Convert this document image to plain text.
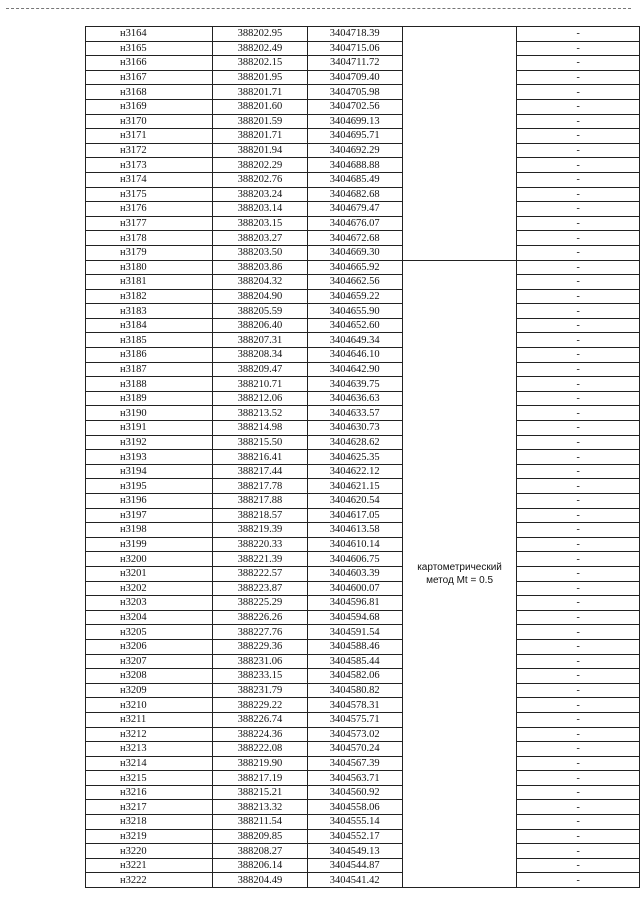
н3164	388202.95	3404718.39		-
н3165	388202.49	3404715.06		-
н3166	388202.15	3404711.72		-
н3167	388201.95	3404709.40		-
н3168	388201.71	3404705.98		-
н3169	388201.60	3404702.56		-
н3170	388201.59	3404699.13		-
н3171	388201.71	3404695.71		-
н3172	388201.94	3404692.29		-
н3173	388202.29	3404688.88		-
н3174	388202.76	3404685.49		-
н3175	388203.24	3404682.68		-
н3176	388203.14	3404679.47		-
н3177	388203.15	3404676.07		-
н3178	388203.27	3404672.68		-
н3179	388203.50	3404669.30		-
н3180	388203.86	3404665.92	картометрический метод Mt = 0.5	-
н3181	388204.32	3404662.56		-
н3182	388204.90	3404659.22		-
н3183	388205.59	3404655.90		-
н3184	388206.40	3404652.60		-
н3185	388207.31	3404649.34		-
н3186	388208.34	3404646.10		-
н3187	388209.47	3404642.90		-
н3188	388210.71	3404639.75		-
н3189	388212.06	3404636.63		-
н3190	388213.52	3404633.57		-
н3191	388214.98	3404630.73		-
н3192	388215.50	3404628.62		-
н3193	388216.41	3404625.35		-
н3194	388217.44	3404622.12		-
н3195	388217.78	3404621.15		-
н3196	388217.88	3404620.54		-
н3197	388218.57	3404617.05		-
н3198	388219.39	3404613.58		-
н3199	388220.33	3404610.14		-
н3200	388221.39	3404606.75		-
н3201	388222.57	3404603.39		-
н3202	388223.87	3404600.07		-
н3203	388225.29	3404596.81		-
н3204	388226.26	3404594.68		-
н3205	388227.76	3404591.54		-
н3206	388229.36	3404588.46		-
н3207	388231.06	3404585.44		-
н3208	388233.15	3404582.06		-
н3209	388231.79	3404580.82		-
н3210	388229.22	3404578.31		-
н3211	388226.74	3404575.71		-
н3212	388224.36	3404573.02		-
н3213	388222.08	3404570.24		-
н3214	388219.90	3404567.39		-
н3215	388217.19	3404563.71		-
н3216	388215.21	3404560.92		-
н3217	388213.32	3404558.06		-
н3218	388211.54	3404555.14		-
н3219	388209.85	3404552.17		-
н3220	388208.27	3404549.13		-
н3221	388206.14	3404544.87		-
н3222	388204.49	3404541.42		-
